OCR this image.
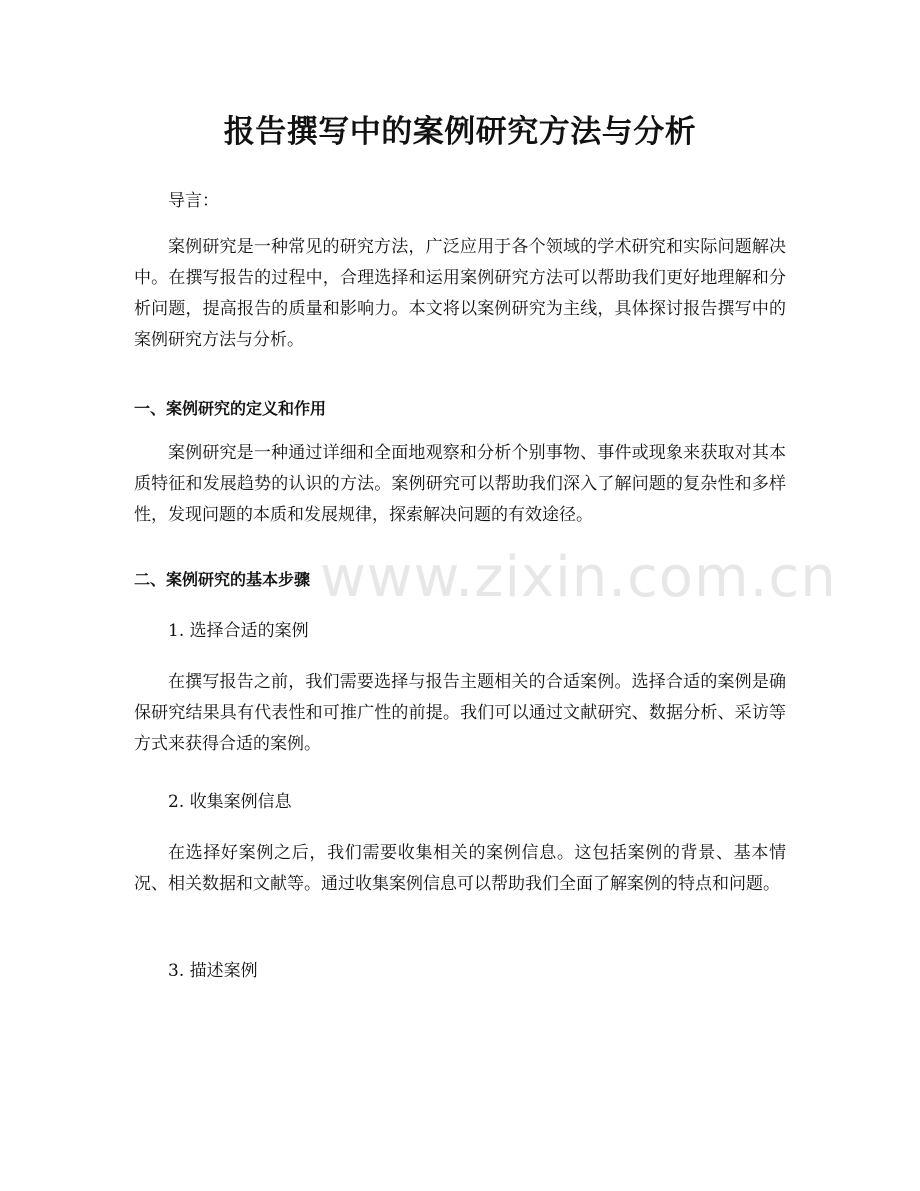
报告撰写中的案例研究方法与分析
导言：
案例研究是一种常见的研究方法，广泛应用于各个领域的学术研究和实际问题解决中。在撰写报告的过程中，合理选择和运用案例研究方法可以帮助我们更好地理解和分析问题，提高报告的质量和影响力。本文将以案例研究为主线，具体探讨报告撰写中的案例研究方法与分析。
一、案例研究的定义和作用
案例研究是一种通过详细和全面地观察和分析个别事物、事件或现象来获取对其本质特征和发展趋势的认识的方法。案例研究可以帮助我们深入了解问题的复杂性和多样性，发现问题的本质和发展规律，探索解决问题的有效途径。
二、案例研究的基本步骤
1. 选择合适的案例
在撰写报告之前，我们需要选择与报告主题相关的合适案例。选择合适的案例是确保研究结果具有代表性和可推广性的前提。我们可以通过文献研究、数据分析、采访等方式来获得合适的案例。
2. 收集案例信息
在选择好案例之后，我们需要收集相关的案例信息。这包括案例的背景、基本情况、相关数据和文献等。通过收集案例信息可以帮助我们全面了解案例的特点和问题。
3. 描述案例
www.zixin.com.cn
